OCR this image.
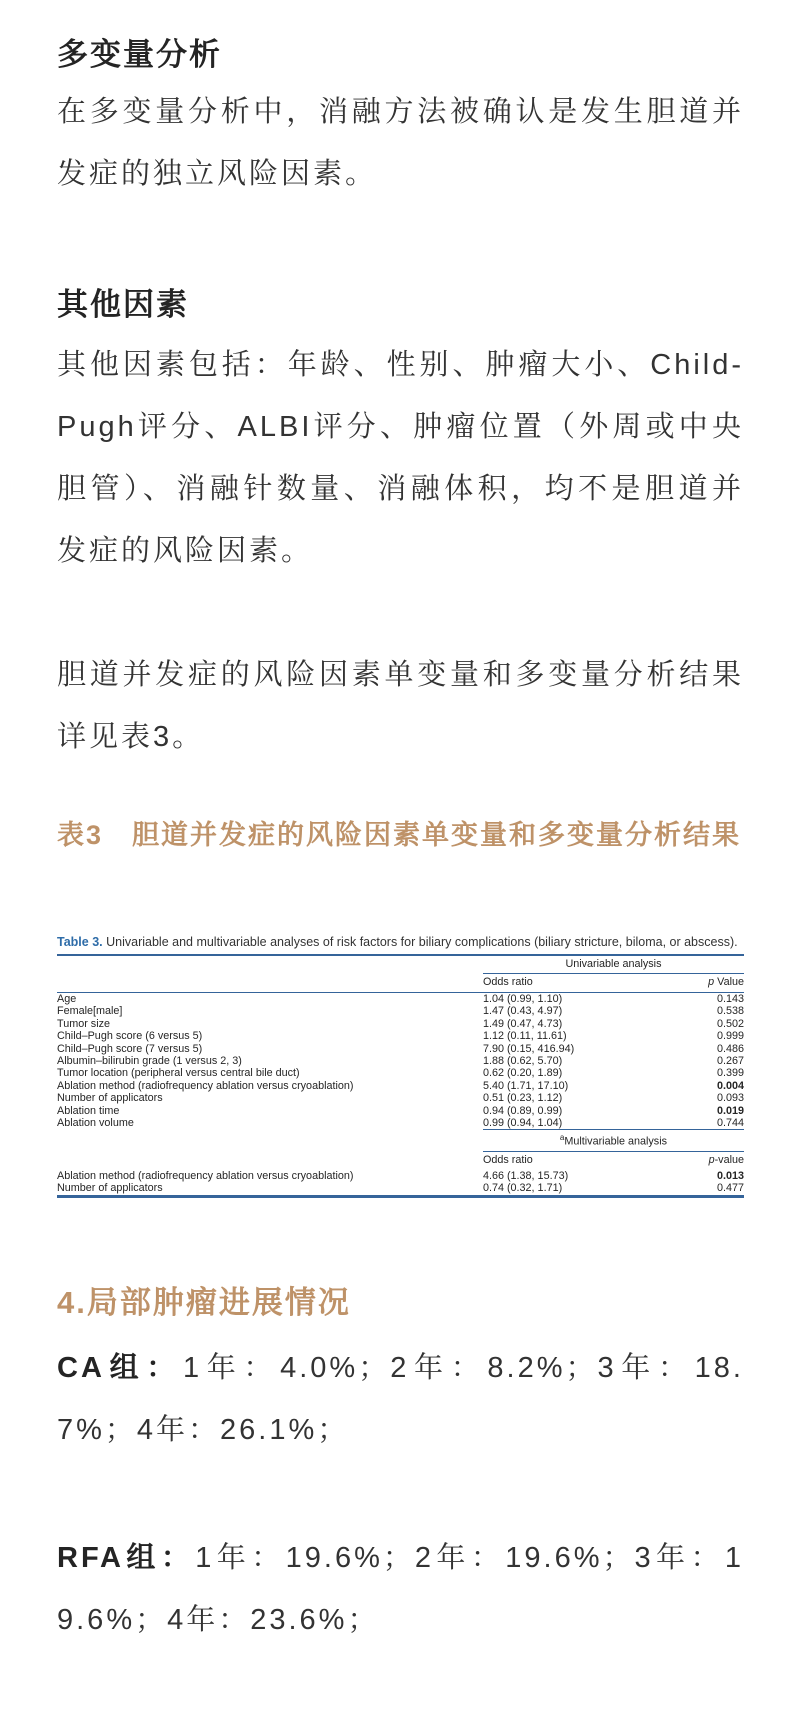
多变量分析

在多变量分析中，消融方法被确认是发生胆道并发症的独立风险因素。

其他因素

其他因素包括：年龄、性别、肿瘤大小、Child-Pugh评分、ALBI评分、肿瘤位置（外周或中央胆管）、消融针数量、消融体积，均不是胆道并发症的风险因素。

胆道并发症的风险因素单变量和多变量分析结果详见表3。

表3　胆道并发症的风险因素单变量和多变量分析结果

Table 3. Univariable and multivariable analyses of risk factors for biliary complications (biliary stricture, biloma, or abscess).
	Univariable analysis	
	Odds ratio	p Value
Age	1.04 (0.99, 1.10)	0.143
Female[male]	1.47 (0.43, 4.97)	0.538
Tumor size	1.49 (0.47, 4.73)	0.502
Child–Pugh score (6 versus 5)	1.12 (0.11, 11.61)	0.999
Child–Pugh score (7 versus 5)	7.90 (0.15, 416.94)	0.486
Albumin–bilirubin grade (1 versus 2, 3)	1.88 (0.62, 5.70)	0.267
Tumor location (peripheral versus central bile duct)	0.62 (0.20, 1.89)	0.399
Ablation method (radiofrequency ablation versus cryoablation)	5.40 (1.71, 17.10)	0.004
Number of applicators	0.51 (0.23, 1.12)	0.093
Ablation time	0.94 (0.89, 0.99)	0.019
Ablation volume	0.99 (0.94, 1.04)	0.744

	$^a$Multivariable analysis	
	Odds ratio	p-value
Ablation method (radiofrequency ablation versus cryoablation)	4.66 (1.38, 15.73)	0.013
Number of applicators	0.74 (0.32, 1.71)	0.477
4.局部肿瘤进展情况

CA组：1年：4.0%；2年：8.2%；3年：18.7%；4年：26.1%；

RFA组：1年：19.6%；2年：19.6%；3年：19.6%；4年：23.6%；
